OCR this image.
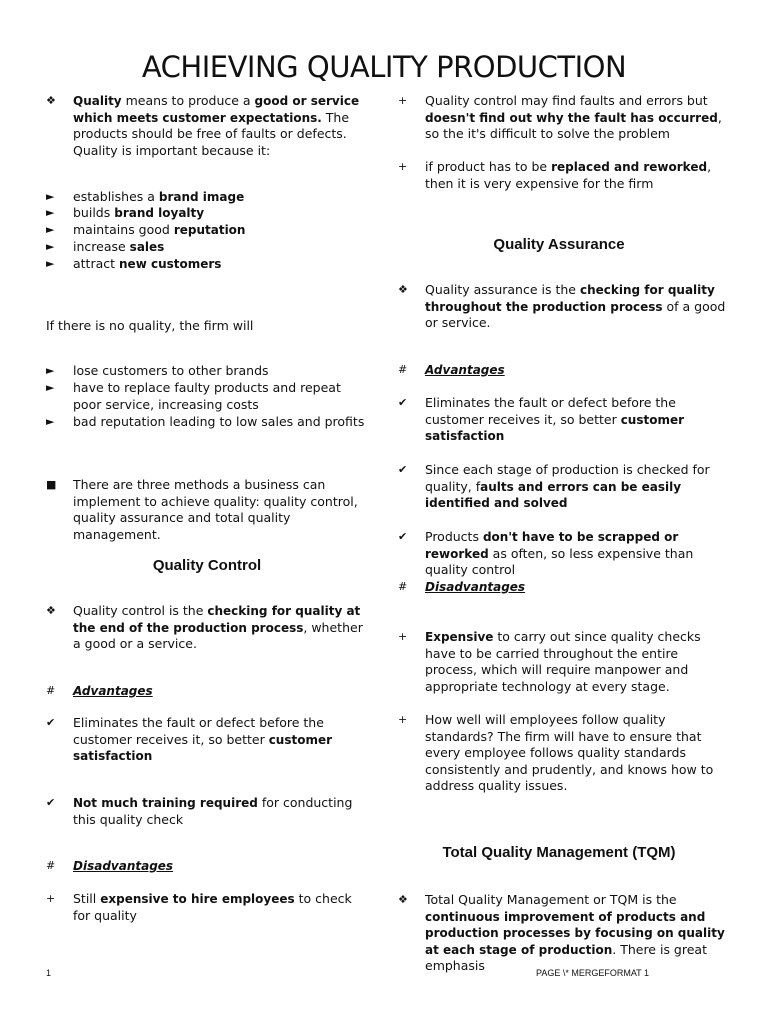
ACHIEVING QUALITY PRODUCTION
❖	Quality means to produce a good or service which meets customer expectations. The products should be free of faults or defects. Quality is important because it:
►	establishes a brand image
►	builds brand loyalty
►	maintains good reputation
►	increase sales
►	attract new customers
If there is no quality, the firm will
►	lose customers to other brands
►	have to replace faulty products and repeat poor service, increasing costs
►	bad reputation leading to low sales and profits
■	There are three methods a business can implement to achieve quality: quality control, quality assurance and total quality management.
Quality Control
❖	Quality control is the checking for quality at the end of the production process, whether a good or a service.
#	Advantages
✔	Eliminates the fault or defect before the customer receives it, so better customer satisfaction
✔	Not much training required for conducting this quality check
#	Disadvantages
+	Still expensive to hire employees to check for quality
+	Quality control may find faults and errors but doesn't find out why the fault has occurred, so the it's difficult to solve the problem
+	if product has to be replaced and reworked, then it is very expensive for the firm
Quality Assurance
❖	Quality assurance is the checking for quality throughout the production process of a good or service.
#	Advantages
✔	Eliminates the fault or defect before the customer receives it, so better customer satisfaction
✔	Since each stage of production is checked for quality, faults and errors can be easily identified and solved
✔	Products don't have to be scrapped or reworked as often, so less expensive than quality control
#	Disadvantages
+	Expensive to carry out since quality checks have to be carried throughout the entire process, which will require manpower and appropriate technology at every stage.
+	How well will employees follow quality standards? The firm will have to ensure that every employee follows quality standards consistently and prudently, and knows how to address quality issues.
Total Quality Management (TQM)
❖	Total Quality Management or TQM is the continuous improvement of products and production processes by focusing on quality at each stage of production. There is great emphasis
1	PAGE \* MERGEFORMAT 1
